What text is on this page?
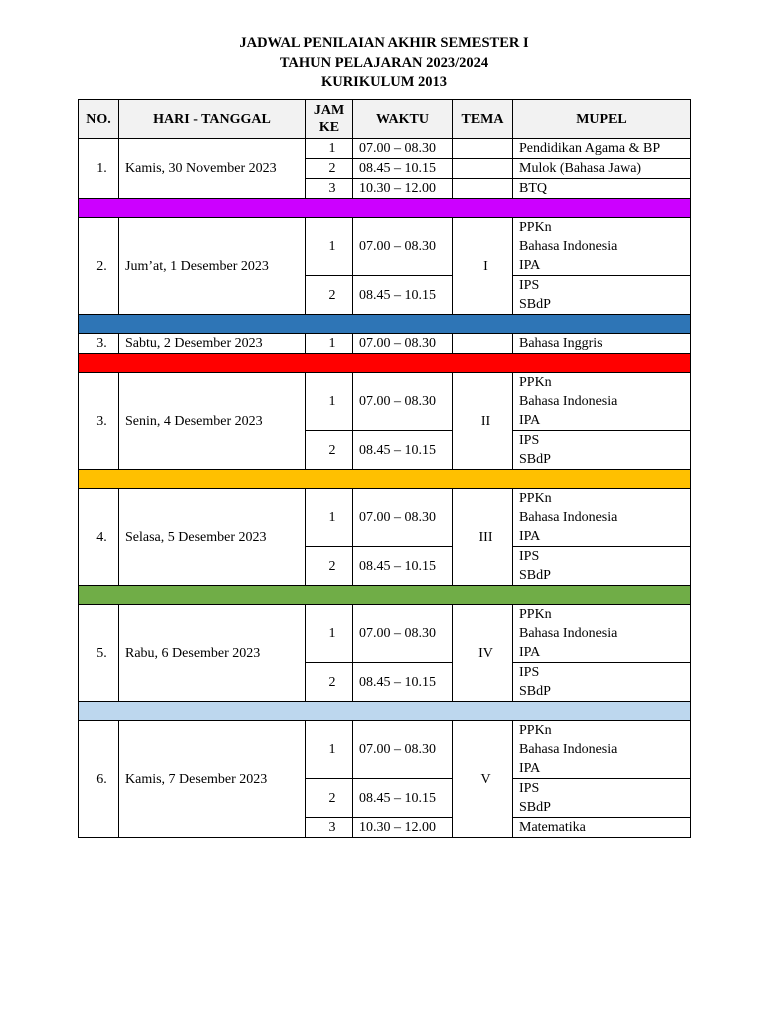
JADWAL PENILAIAN AKHIR SEMESTER I
TAHUN PELAJARAN 2023/2024
KURIKULUM 2013
NO.	HARI - TANGGAL	JAM
KE	WAKTU	TEMA	MUPEL
1.	Kamis, 30 November 2023	1	07.00 – 08.30		Pendidikan Agama & BP
		2	08.45 – 10.15		Mulok (Bahasa Jawa)
		3	10.30 – 12.00		BTQ

2.	Jum’at, 1 Desember 2023	1	07.00 – 08.30	I	PPKn
Bahasa Indonesia
IPA
		2	08.45 – 10.15		IPS
SBdP

3.	Sabtu, 2 Desember 2023	1	07.00 – 08.30		Bahasa Inggris

3.	Senin, 4 Desember 2023	1	07.00 – 08.30	II	PPKn
Bahasa Indonesia
IPA
		2	08.45 – 10.15		IPS
SBdP

4.	Selasa, 5 Desember 2023	1	07.00 – 08.30	III	PPKn
Bahasa Indonesia
IPA
		2	08.45 – 10.15		IPS
SBdP

5.	Rabu, 6 Desember 2023	1	07.00 – 08.30	IV	PPKn
Bahasa Indonesia
IPA
		2	08.45 – 10.15		IPS
SBdP

6.	Kamis, 7 Desember 2023	1	07.00 – 08.30	V	PPKn
Bahasa Indonesia
IPA
		2	08.45 – 10.15		IPS
SBdP
		3	10.30 – 12.00		Matematika
